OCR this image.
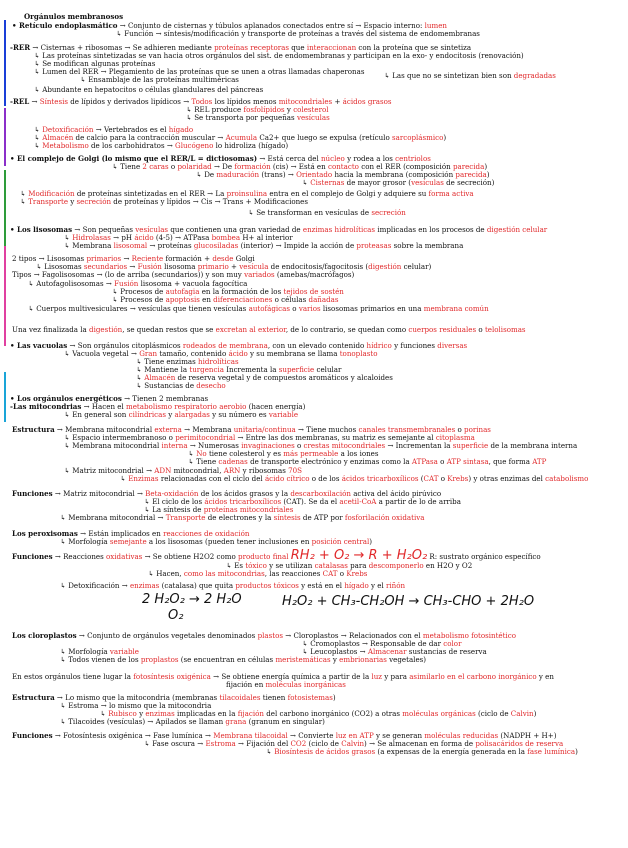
Orgánulos membranosos
• Retículo endoplasmático → Conjunto de cisternas y túbulos aplanados conectados entre sí → Espacio interno: lumen
↳ Función → síntesis/modificación y transporte de proteínas a través del sistema de endomembranas
-RER → Cisternas + ribosomas → Se adhieren mediante proteínas receptoras que interaccionan con la proteína que se sintetiza
↳ Las proteínas sintetizadas se van hacia otros orgánulos del sist. de endomembranas y participan en la exo- y endocitosis (renovación)
↳ Se modifican algunas proteínas
↳ Lumen del RER → Plegamiento de las proteínas que se unen a otras llamadas chaperonas
↳ Ensamblaje de las proteínas multiméricas	↳ Las que no se sintetizan bien son degradadas
↳ Abundante en hepatocitos o células glandulares del páncreas
-REL → Síntesis de lípidos y derivados lipídicos → Todos los lípidos menos mitocondriales + ácidos grasos
↳ REL produce fosfolípidos y colesterol
↳ Se transporta por pequeñas vesículas
↳ Detoxificación → Vertebrados es el hígado
↳ Almacén de calcio para la contracción muscular → Acumula Ca2+ que luego se expulsa (retículo sarcoplásmico)
↳ Metabolismo de los carbohidratos → Glucógeno lo hidroliza (hígado)
• El complejo de Golgi (lo mismo que el RER/L = dictiosomas) → Está cerca del núcleo y rodea a los centriolos
↳ Tiene 2 caras o polaridad → De formación (cis) → Está en contacto con el RER (composición parecida)
↳ De maduración (trans) → Orientado hacia la membrana (composición parecida)
↳ Cisternas de mayor grosor (vesículas de secreción)
↳ Modificación de proteínas sintetizadas en el RER → La proinsulina entra en el complejo de Golgi y adquiere su forma activa
↳ Transporte y secreción de proteínas y lípidos → Cis → Trans + Modificaciones
↳ Se transforman en vesículas de secreción
• Los lisosomas → Son pequeñas vesículas que contienen una gran variedad de enzimas hidrolíticas implicadas en los procesos de digestión celular
↳ Hidrolasas → pH ácido (4-5) → ATPasa bombea H+ al interior
↳ Membrana lisosomal → proteínas glucosiladas (interior) → Impide la acción de proteasas sobre la membrana
2 tipos → Lisosomas primarios → Reciente formación + desde Golgi
↳ Lisosomas secundarios → Fusión lisosoma primario + vesícula de endocitosis/fagocitosis (digestión celular)
Tipos → Fagolisosomas → (lo de arriba (secundarios)) y son muy variados (amebas/macrófagos)
↳ Autofagolisosomas → Fusión lisosoma + vacuola fagocítica
↳ Procesos de autofagia en la formación de los tejidos de sostén
↳ Procesos de apoptosis en diferenciaciones o células dañadas
↳ Cuerpos multivesiculares → vesículas que tienen vesículas autofágicas o varios lisosomas primarios en una membrana común
Una vez finalizada la digestión, se quedan restos que se excretan al exterior, de lo contrario, se quedan como cuerpos residuales o telolisomas
• Las vacuolas → Son orgánulos citoplásmicos rodeados de membrana, con un elevado contenido hídrico y funciones diversas
↳ Vacuola vegetal → Gran tamaño, contenido ácido y su membrana se llama tonoplasto
↳ Tiene enzimas hidrolíticas
↳ Mantiene la turgencia Incrementa la superficie celular
↳ Almacén de reserva vegetal y de compuestos aromáticos y alcaloides
↳ Sustancias de desecho
• Los orgánulos energéticos → Tienen 2 membranas
-Las mitocondrias → Hacen el metabolismo respiratorio aerobio (hacen energía)
↳ En general son cilíndricas y alargadas y su número es variable
Estructura → Membrana mitocondrial externa → Membrana unitaria/continua → Tiene muchos canales transmembranales o porinas
↳ Espacio intermembranoso o perimitocondrial → Entre las dos membranas, su matriz es semejante al citoplasma
↳ Membrana mitocondrial interna → Numerosas invaginaciones o crestas mitocondriales → Incrementan la superficie de la membrana interna
↳ No tiene colesterol y es más permeable a los iones
↳ Tiene cadenas de transporte electrónico y enzimas como la ATPasa o ATP sintasa, que forma ATP
↳ Matriz mitocondrial → ADN mitocondrial, ARN y ribosomas 70S
↳ Enzimas relacionadas con el ciclo del ácido cítrico o de los ácidos tricarboxílicos (CAT o Krebs) y otras enzimas del catabolismo
Funciones → Matriz mitocondrial → Beta-oxidación de los ácidos grasos y la descarboxilación activa del ácido pirúvico
↳ El ciclo de los ácidos tricarboxílicos (CAT). Se da el acetil-CoA a partir de lo de arriba
↳ La síntesis de proteínas mitocondriales
↳ Membrana mitocondrial → Transporte de electrones y la síntesis de ATP por fosforilación oxidativa
Los peroxisomas → Están implicados en reacciones de oxidación
↳ Morfología semejante a los lisosomas (pueden tener inclusiones en posición central)
Funciones → Reacciones oxidativas → Se obtiene H2O2 como producto final RH₂ + O₂ → R + H₂O₂ R: sustrato orgánico específico
↳ Es tóxico y se utilizan catalasas para descomponerlo en H2O y O2
↳ Hacen, como las mitocondrias, las reacciones CAT o Krebs
↳ Detoxificación → enzimas (catalasa) que quita productos tóxicos y está en el hígado y el riñón
2 H₂O₂ → 2 H₂O
O₂
H₂O₂ + CH₃-CH₂OH → CH₃-CHO + 2H₂O
Los cloroplastos → Conjunto de orgánulos vegetales denominados plastos → Cloroplastos → Relacionados con el metabolismo fotosintético
↳ Cromoplastos → Responsable de dar color
↳ Morfología variable	↳ Leucoplastos → Almacenar sustancias de reserva
↳ Todos vienen de los proplastos (se encuentran en células meristemáticas y embrionarias vegetales)
En estos orgánulos tiene lugar la fotosíntesis oxigénica → Se obtiene energía química a partir de la luz y para asimilarlo en el carbono inorgánico y en
fijación en moléculas inorgánicas
Estructura → Lo mismo que la mitocondria (membranas tilacoidales tienen fotosistemas)
↳ Estroma → lo mismo que la mitocondria
↳ Rubisco y enzimas implicadas en la fijación del carbono inorgánico (CO2) a otras moléculas orgánicas (ciclo de Calvin)
↳ Tilacoides (vesículas) → Apilados se llaman grana (granum en singular)
Funciones → Fotosíntesis oxigénica → Fase lumínica → Membrana tilacoidal → Convierte luz en ATP y se generan moléculas reducidas (NADPH + H+)
↳ Fase oscura → Estroma → Fijación del CO2 (ciclo de Calvin) → Se almacenan en forma de polisacáridos de reserva
↳ Biosíntesis de ácidos grasos (a expensas de la energía generada en la fase lumínica)
